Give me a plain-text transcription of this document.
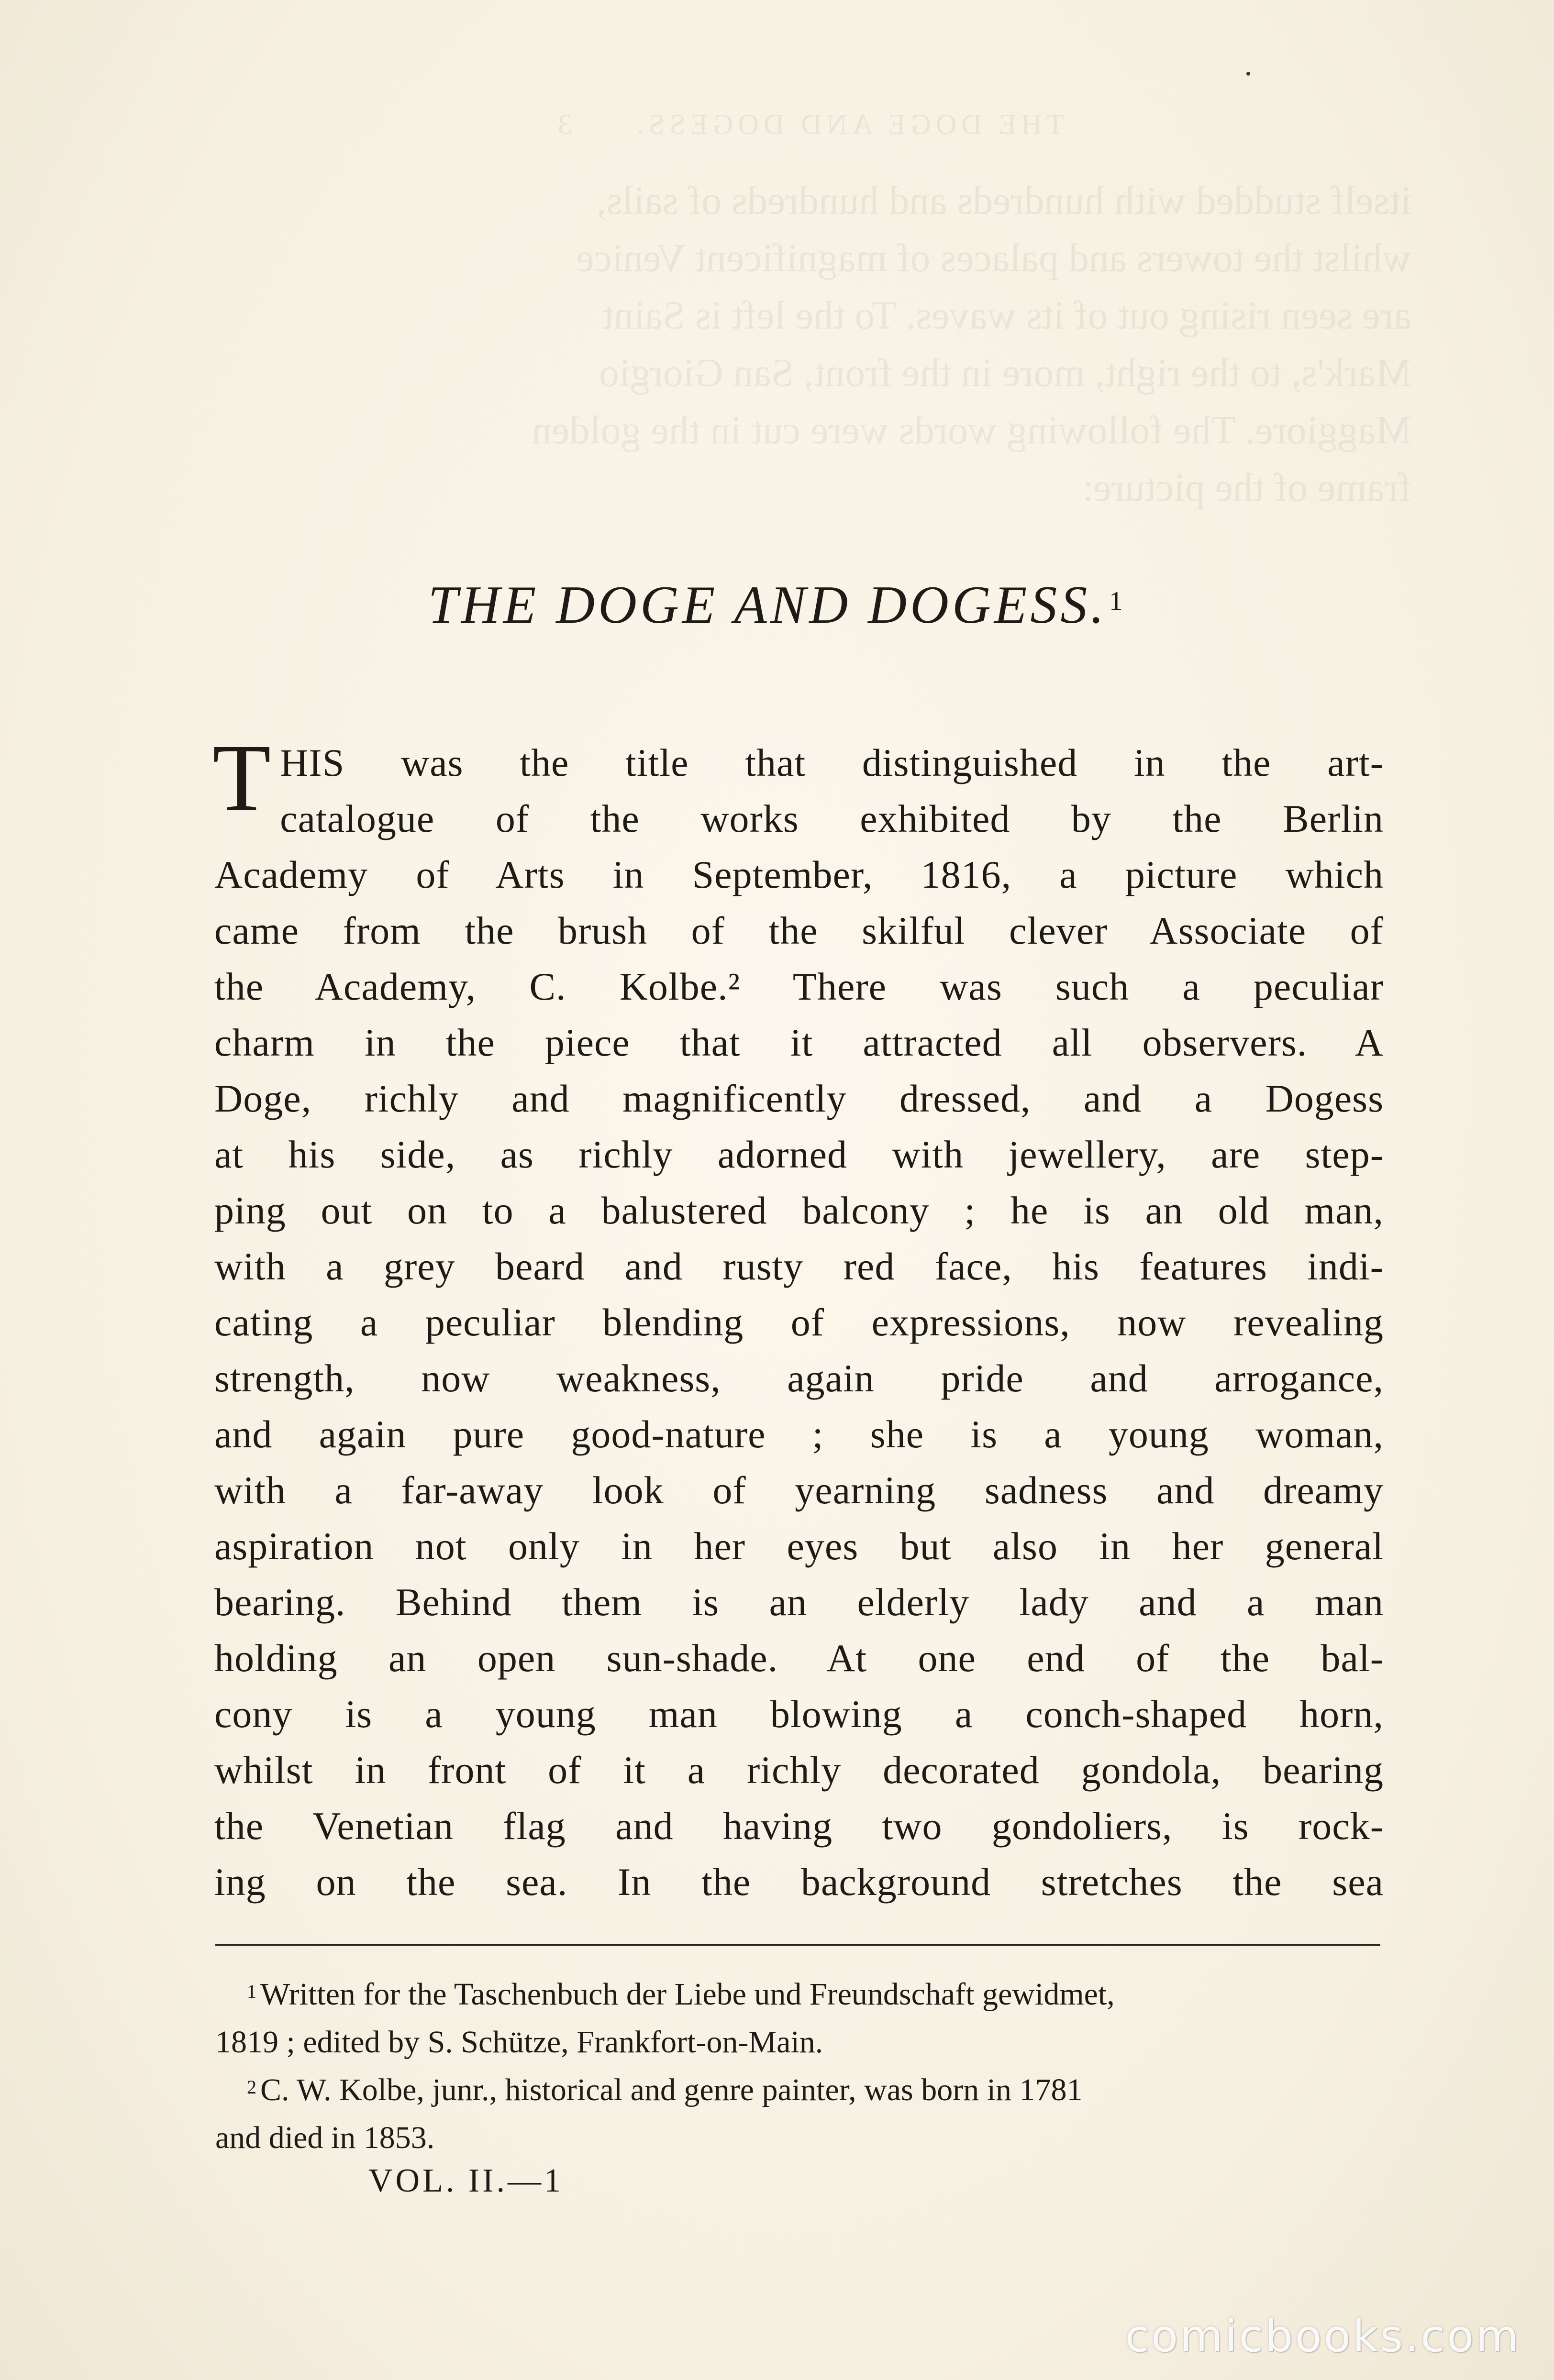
THE DOGE AND DOGESS.     3
itself studded with hundreds and hundreds of sails,
whilst the towers and palaces of magnificent Venice
are seen rising out of its waves. To the left is Saint
Mark's, to the right, more in the front, San Giorgio
Maggiore. The following words were cut in the golden
frame of the picture:
THE DOGE AND DOGESS.$^1$
T HIS was the title that distinguished in the art-
catalogue of the works exhibited by the Berlin
Academy of Arts in September, 1816, a picture which
came from the brush of the skilful clever Associate of
the Academy, C. Kolbe.² There was such a peculiar
charm in the piece that it attracted all observers. A
Doge, richly and magnificently dressed, and a Dogess
at his side, as richly adorned with jewellery, are step-
ping out on to a balustered balcony ; he is an old man,
with a grey beard and rusty red face, his features indi-
cating a peculiar blending of expressions, now revealing
strength, now weakness, again pride and arrogance,
and again pure good-nature ; she is a young woman,
with a far-away look of yearning sadness and dreamy
aspiration not only in her eyes but also in her general
bearing. Behind them is an elderly lady and a man
holding an open sun-shade. At one end of the bal-
cony is a young man blowing a conch-shaped horn,
whilst in front of it a richly decorated gondola, bearing
the Venetian flag and having two gondoliers, is rock-
ing on the sea. In the background stretches the sea
$^1$ Written for the Taschenbuch der Liebe und Freundschaft gewidmet,
1819 ; edited by S. Schütze, Frankfort-on-Main.
$^2$ C. W. Kolbe, junr., historical and genre painter, was born in 1781
and died in 1853.
VOL. II.—1
comicbooks.com
